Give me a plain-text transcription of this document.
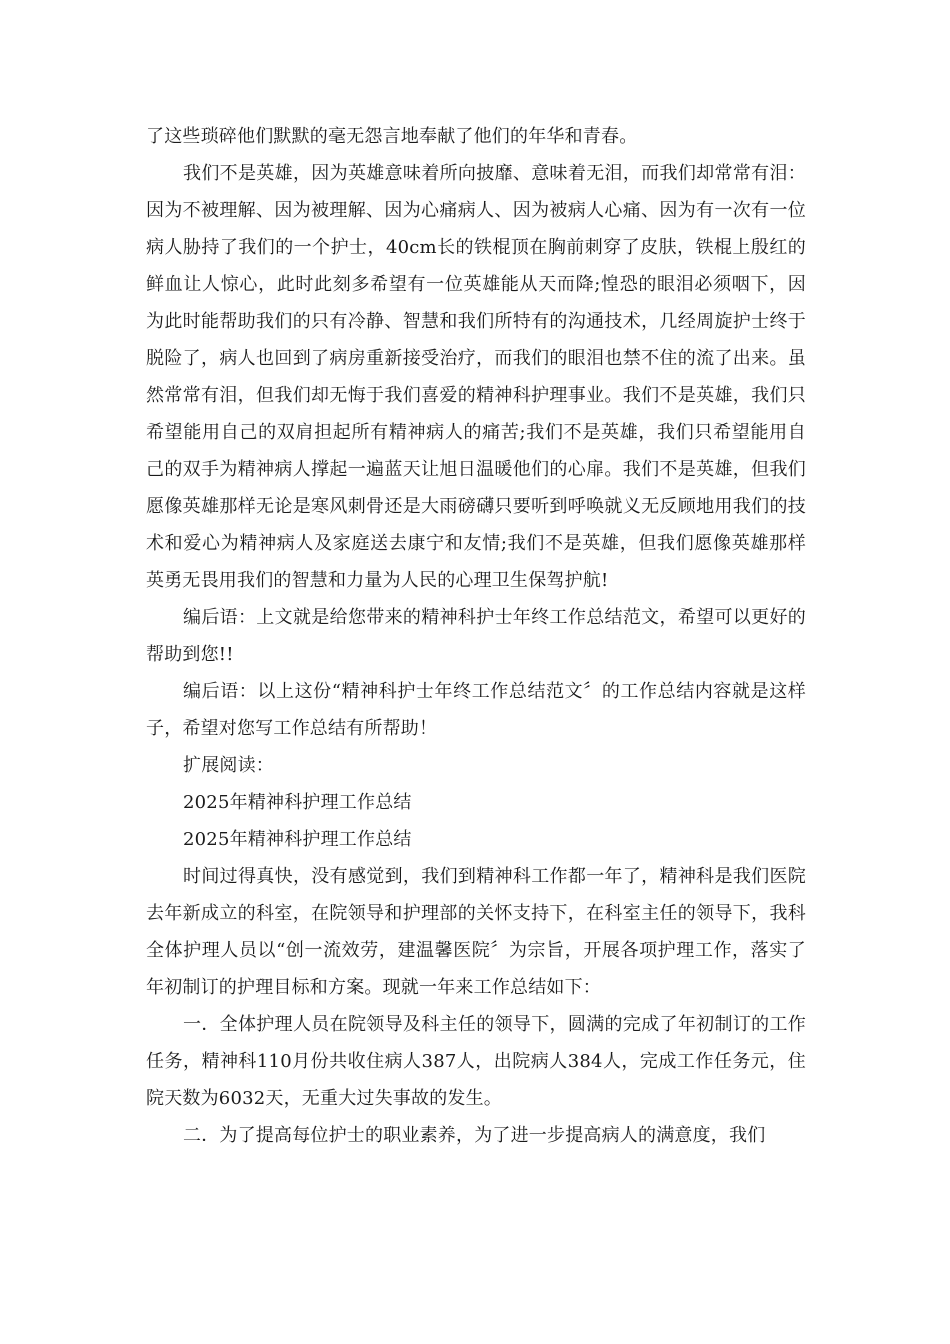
了这些琐碎他们默默的毫无怨言地奉献了他们的年华和青春。

我们不是英雄，因为英雄意味着所向披靡、意味着无泪，而我们却常常有泪：因为不被理解、因为被理解、因为心痛病人、因为被病人心痛、因为有一次有一位病人胁持了我们的一个护士，40cm长的铁棍顶在胸前刺穿了皮肤，铁棍上殷红的鲜血让人惊心，此时此刻多希望有一位英雄能从天而降;惶恐的眼泪必须咽下，因为此时能帮助我们的只有冷静、智慧和我们所特有的沟通技术，几经周旋护士终于脱险了，病人也回到了病房重新接受治疗，而我们的眼泪也禁不住的流了出来。虽然常常有泪，但我们却无悔于我们喜爱的精神科护理事业。我们不是英雄，我们只希望能用自己的双肩担起所有精神病人的痛苦;我们不是英雄，我们只希望能用自己的双手为精神病人撑起一遍蓝天让旭日温暖他们的心扉。我们不是英雄，但我们愿像英雄那样无论是寒风刺骨还是大雨磅礴只要听到呼唤就义无反顾地用我们的技术和爱心为精神病人及家庭送去康宁和友情;我们不是英雄，但我们愿像英雄那样英勇无畏用我们的智慧和力量为人民的心理卫生保驾护航!

编后语：上文就是给您带来的精神科护士年终工作总结范文，希望可以更好的帮助到您!!

编后语：以上这份“精神科护士年终工作总结范文〞的工作总结内容就是这样子，希望对您写工作总结有所帮助！

扩展阅读：

2025年精神科护理工作总结

2025年精神科护理工作总结

时间过得真快，没有感觉到，我们到精神科工作都一年了，精神科是我们医院去年新成立的科室，在院领导和护理部的关怀支持下，在科室主任的领导下，我科全体护理人员以“创一流效劳，建温馨医院〞为宗旨，开展各项护理工作，落实了年初制订的护理目标和方案。现就一年来工作总结如下：

一．全体护理人员在院领导及科主任的领导下，圆满的完成了年初制订的工作任务，精神科110月份共收住病人387人，出院病人384人，完成工作任务元，住院天数为6032天，无重大过失事故的发生。

二．为了提高每位护士的职业素养，为了进一步提高病人的满意度，我们
